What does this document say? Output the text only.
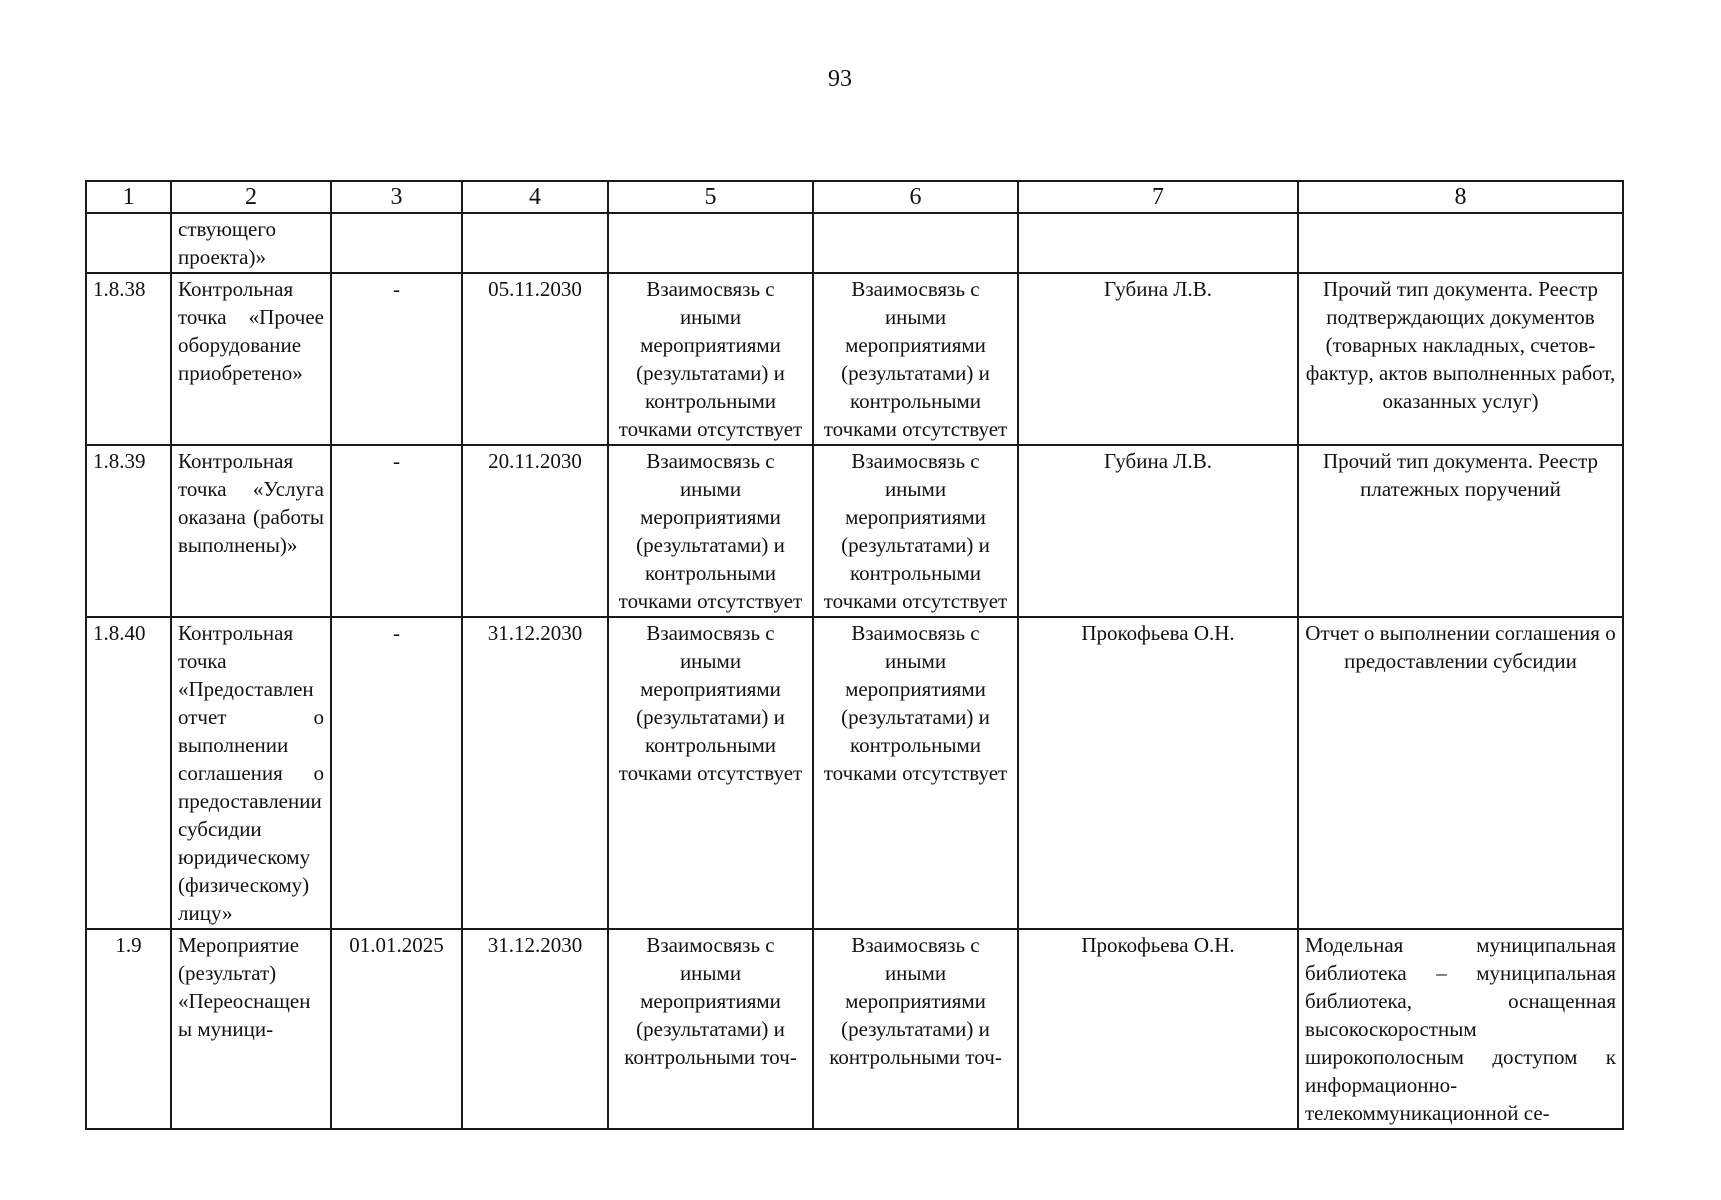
93
1	2	3	4	5	6	7	8
	ствующего проекта)»						
1.8.38	Контрольная точка «Прочее оборудование приобретено»	-	05.11.2030	Взаимосвязь с иными мероприятиями (результатами) и контрольными точками отсутствует	Взаимосвязь с иными мероприятиями (результатами) и контрольными точками отсутствует	Губина Л.В.	Прочий тип документа. Реестр подтверждающих документов (товарных накладных, счетов-фактур, актов выполненных работ, оказанных услуг)
1.8.39	Контрольная точка «Услуга оказана (работы выполнены)»	-	20.11.2030	Взаимосвязь с иными мероприятиями (результатами) и контрольными точками отсутствует	Взаимосвязь с иными мероприятиями (результатами) и контрольными точками отсутствует	Губина Л.В.	Прочий тип документа. Реестр платежных поручений
1.8.40	Контрольная точка «Предоставлен отчет о выполнении соглашения о предоставлении субсидии юридическому (физическому) лицу»	-	31.12.2030	Взаимосвязь с иными мероприятиями (результатами) и контрольными точками отсутствует	Взаимосвязь с иными мероприятиями (результатами) и контрольными точками отсутствует	Прокофьева О.Н.	Отчет о выполнении соглашения о предоставлении субсидии
1.9	Мероприятие (результат) «Переоснащены муници-	01.01.2025	31.12.2030	Взаимосвязь с иными мероприятиями (результатами) и контрольными точ-	Взаимосвязь с иными мероприятиями (результатами) и контрольными точ-	Прокофьева О.Н.	Модельная муниципальная библиотека – муниципальная библиотека, оснащенная высокоскоростным широкополосным доступом к информационно-телекоммуникационной се-
